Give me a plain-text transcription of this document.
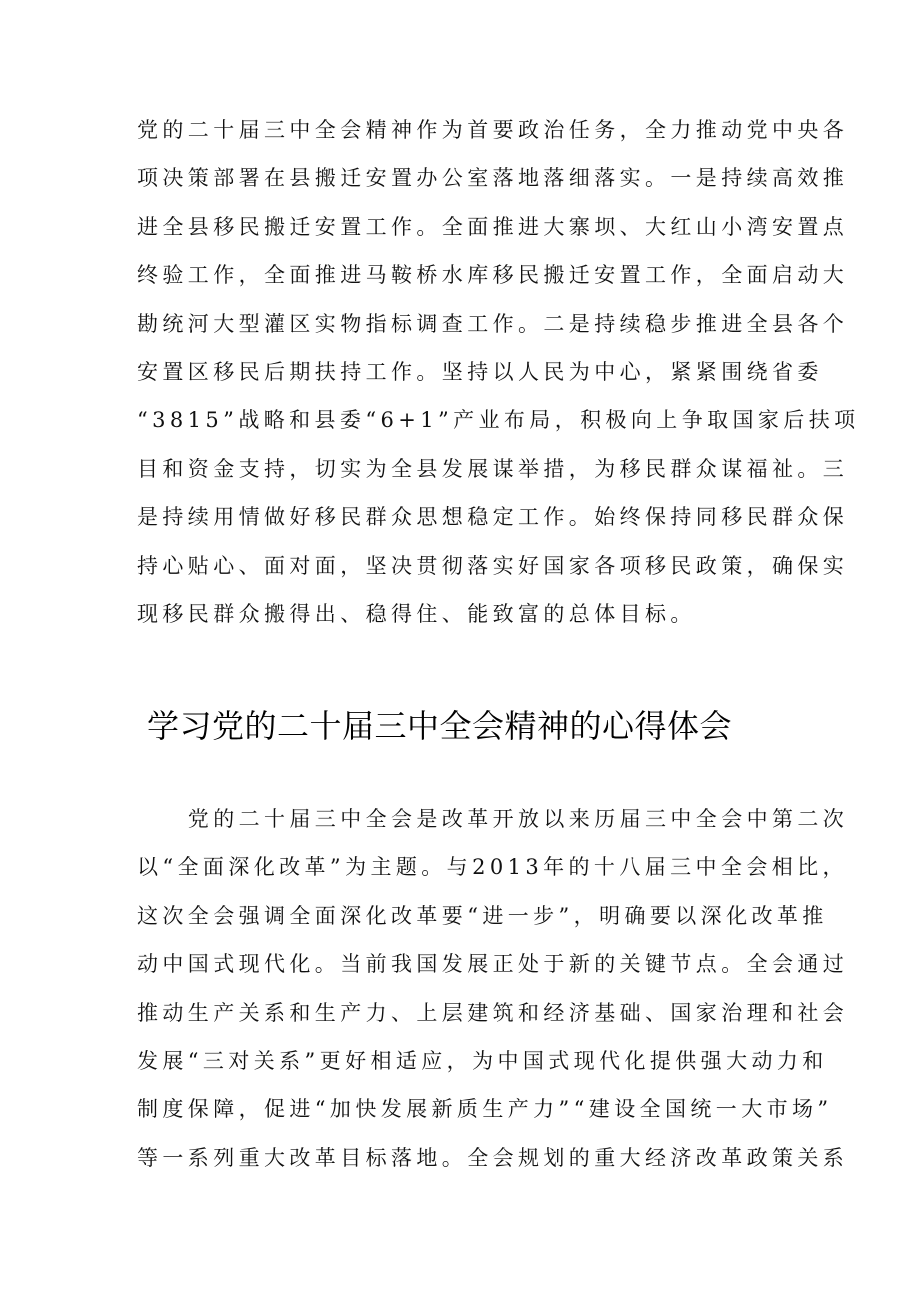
党的二十届三中全会精神作为首要政治任务，全力推动党中央各
项决策部署在县搬迁安置办公室落地落细落实。一是持续高效推
进全县移民搬迁安置工作。全面推进大寨坝、大红山小湾安置点
终验工作，全面推进马鞍桥水库移民搬迁安置工作，全面启动大
勘统河大型灌区实物指标调查工作。二是持续稳步推进全县各个
安置区移民后期扶持工作。坚持以人民为中心，紧紧围绕省委
“3815”战略和县委“6+1”产业布局，积极向上争取国家后扶项
目和资金支持，切实为全县发展谋举措，为移民群众谋福祉。三
是持续用情做好移民群众思想稳定工作。始终保持同移民群众保
持心贴心、面对面，坚决贯彻落实好国家各项移民政策，确保实
现移民群众搬得出、稳得住、能致富的总体目标。
学习党的二十届三中全会精神的心得体会
　　党的二十届三中全会是改革开放以来历届三中全会中第二次
以“全面深化改革”为主题。与2013年的十八届三中全会相比，
这次全会强调全面深化改革要“进一步”，明确要以深化改革推
动中国式现代化。当前我国发展正处于新的关键节点。全会通过
推动生产关系和生产力、上层建筑和经济基础、国家治理和社会
发展“三对关系”更好相适应，为中国式现代化提供强大动力和
制度保障，促进“加快发展新质生产力”“建设全国统一大市场”
等一系列重大改革目标落地。全会规划的重大经济改革政策关系
